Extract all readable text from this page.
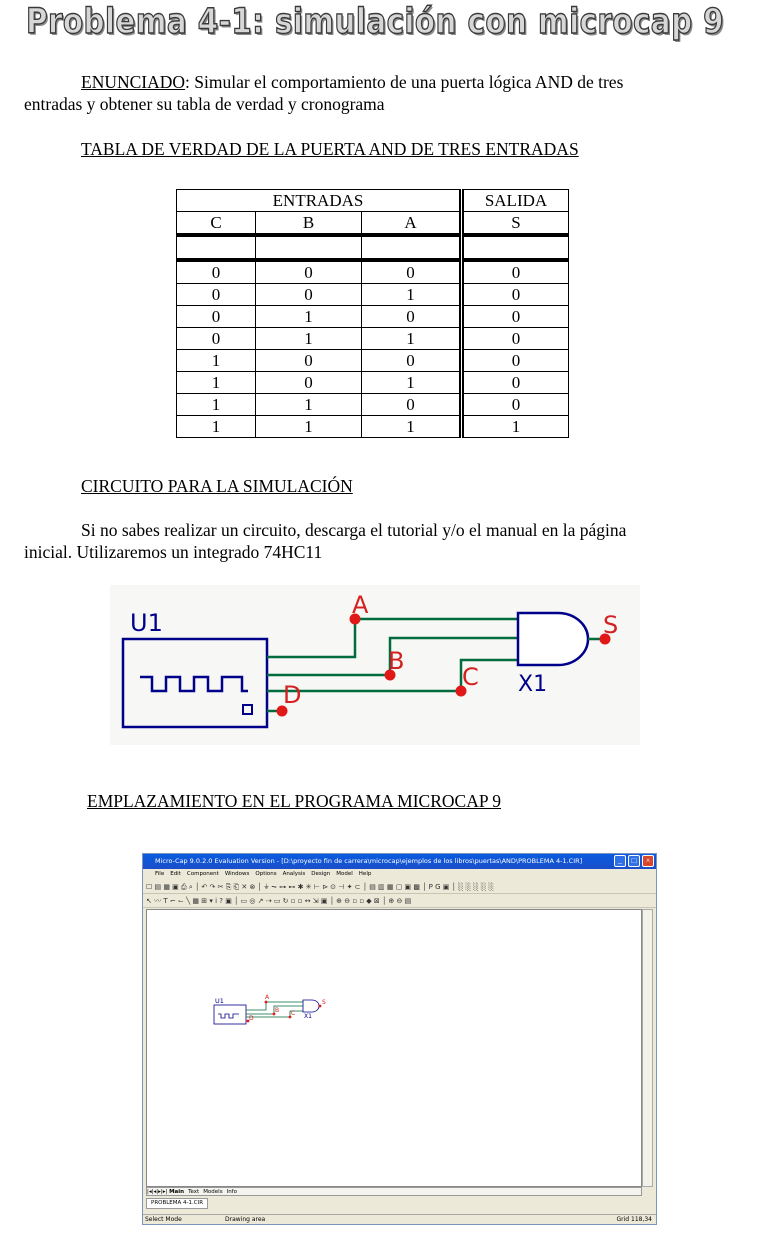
Problema 4-1: simulación con microcap 9
ENUNCIADO: Simular el comportamiento de una puerta lógica AND de tres
entradas y obtener su tabla de verdad y cronograma
TABLA DE VERDAD DE LA PUERTA AND DE TRES ENTRADAS
ENTRADAS			SALIDA
C	B	A	S

0	0	0	0
0	0	1	0
0	1	0	0
0	1	1	0
1	0	0	0
1	0	1	0
1	1	0	0
1	1	1	1
CIRCUITO PARA LA SIMULACIÓN
Si no sabes realizar un circuito, descarga el tutorial y/o el manual en la página
inicial. Utilizaremos un integrado 74HC11
U1
A
B
C
D
S
X1
EMPLAZAMIENTO EN EL PROGRAMA MICROCAP 9
Micro-Cap 9.0.2.0 Evaluation Version - [D:\proyecto fin de carrera\microcap\ejemplos de los libros\puertas\AND\PROBLEMA 4-1.CIR]	_	□	×
File Edit Component Windows Options Analysis Design Model Help
☐ ▤ ▦ ▣ ⎙ ⌕ │ ↶ ↷ ✂ ⎘ ⎗ ✕ ⊗ │ ⏚ ⏦ ⊶ ⊷ ✱ ✳ ⊢ ⊳ ⊙ ⊣ ✦ ⊂ │ ▤ ▥ ▦ ▢ ▣ ▩ │ P G ▣ │ ░ ░ ░ ░ ░
↖ 〰 T ⌐ ⌙ ╲ ▦ ⊞ ▾ ⅰ ? ▣ │ ▭ ◎ ↗ ⇢ ▭ ↻ ▫ ▫ ↔ ⇲ ▣ │ ⊕ ⊖ ▫ ▫ ◆ ⊠ │ ⊕ ⊖ ▤
U1	A
B C
D
S
X1
|◂|◂|▸|▸| Main Text Models Info
PROBLEMA 4-1.CIR
Select Mode	Drawing area	Grid 118,34
